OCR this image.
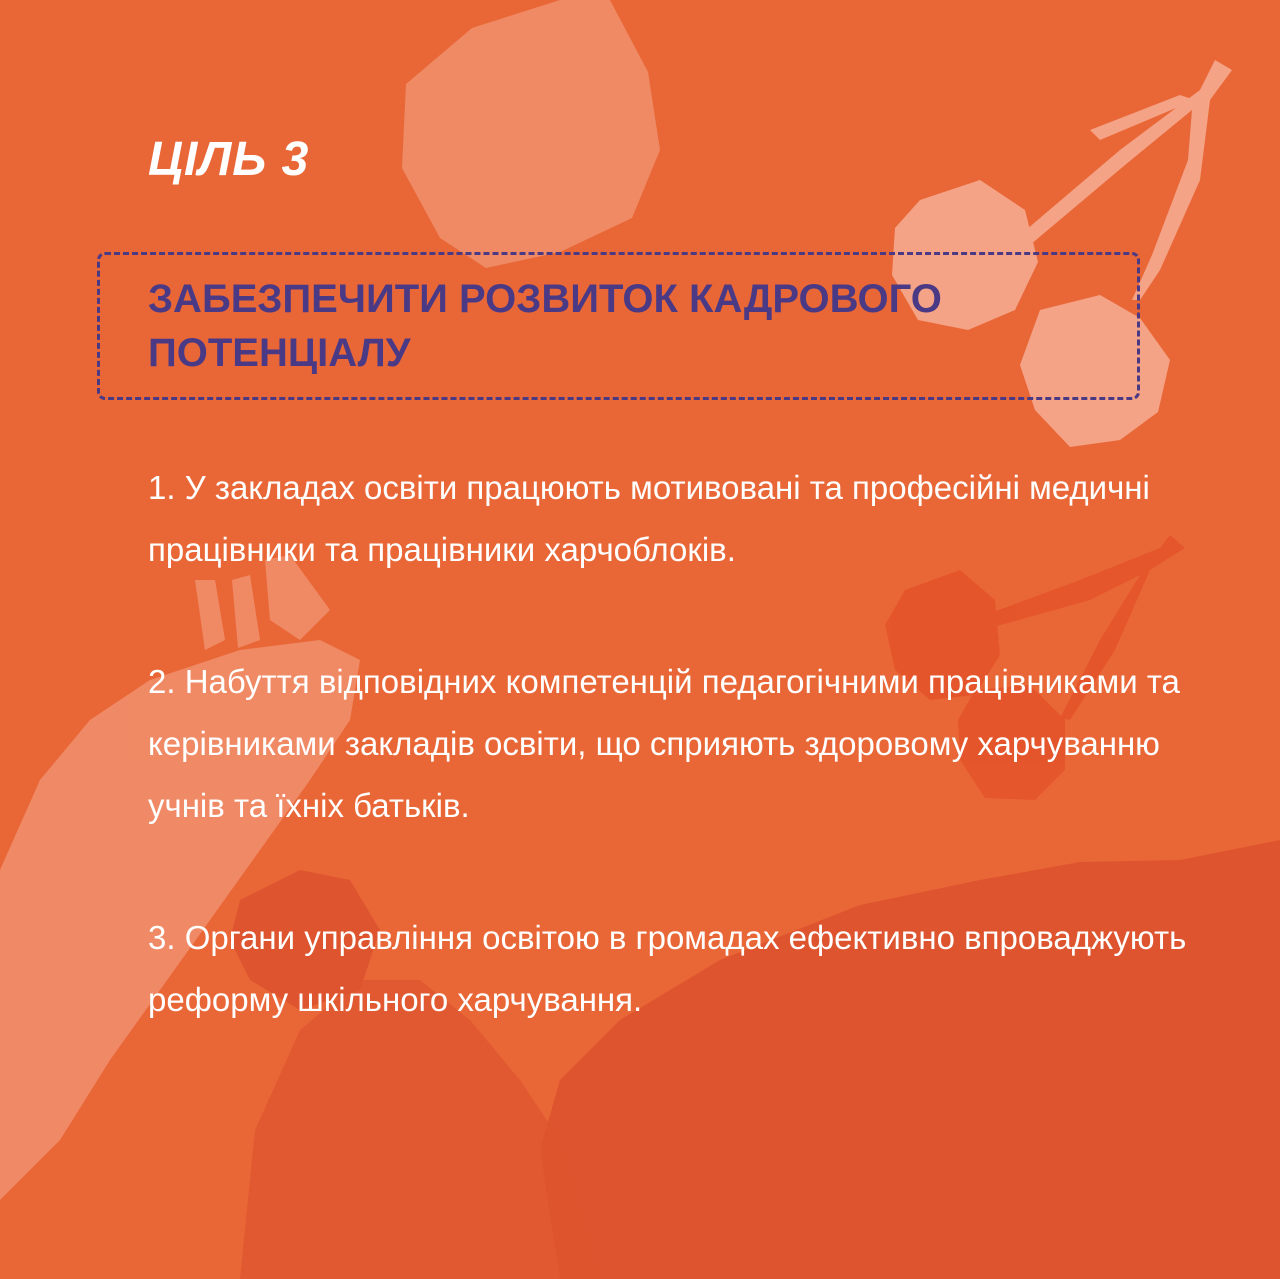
ЦІЛЬ 3
ЗАБЕЗПЕЧИТИ РОЗВИТОК КАДРОВОГО ПОТЕНЦІАЛУ
1. У закладах освіти працюють мотивовані та професійні медичні працівники та працівники харчоблоків.
2. Набуття відповідних компетенцій педагогічними працівниками та керівниками закладів освіти, що сприяють здоровому харчуванню учнів та їхніх батьків.
3. Органи управління освітою в громадах ефективно впроваджують реформу шкільного харчування.
